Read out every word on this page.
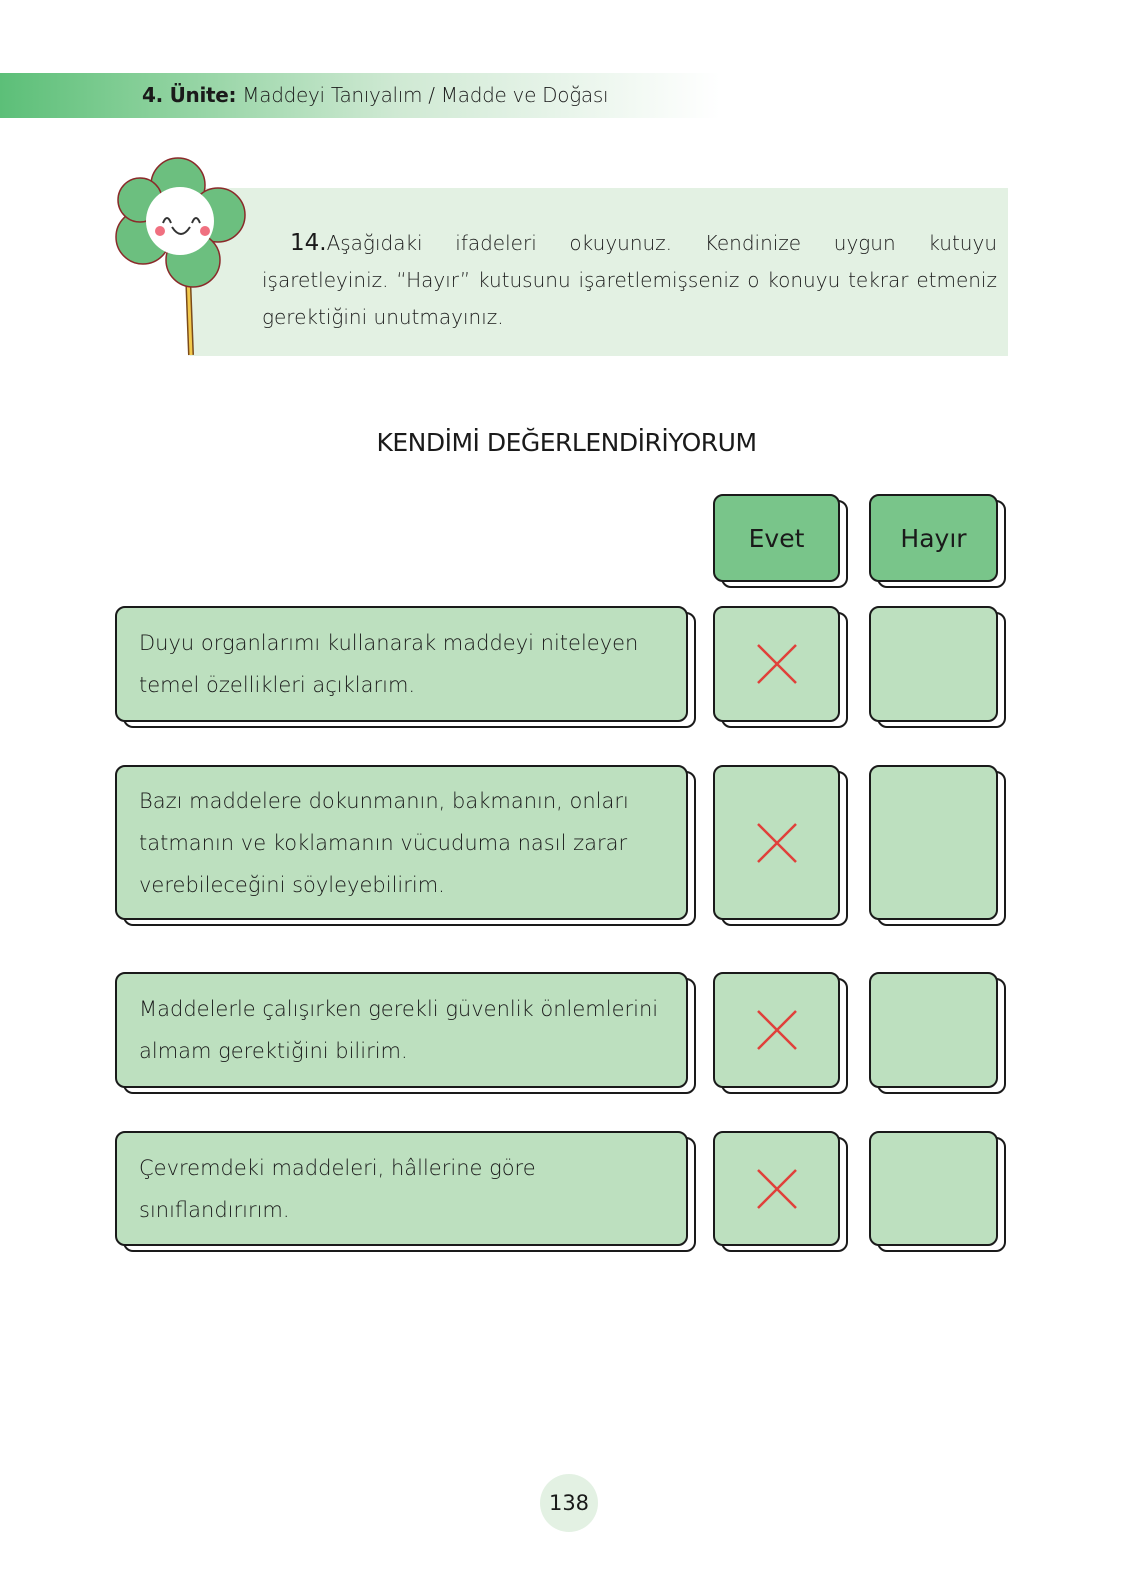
4. Ünite: Maddeyi Tanıyalım / Madde ve Doğası
14.Aşağıdaki ifadeleri okuyunuz. Kendinize uygun kutuyu işaretleyiniz. “Hayır” kutusunu işaretlemişseniz o konuyu tekrar etmeniz gerektiğini unutmayınız.
KENDİMİ DEĞERLENDİRİYORUM
Evet	Hayır
Duyu organlarımı kullanarak maddeyi niteleyen temel özellikleri açıklarım.
Bazı maddelere dokunmanın, bakmanın, onları tatmanın ve koklamanın vücuduma nasıl zarar verebileceğini söyleyebilirim.
Maddelerle çalışırken gerekli güvenlik önlemlerini almam gerektiğini bilirim.
Çevremdeki maddeleri, hâllerine göre sınıflandırırım.
138
